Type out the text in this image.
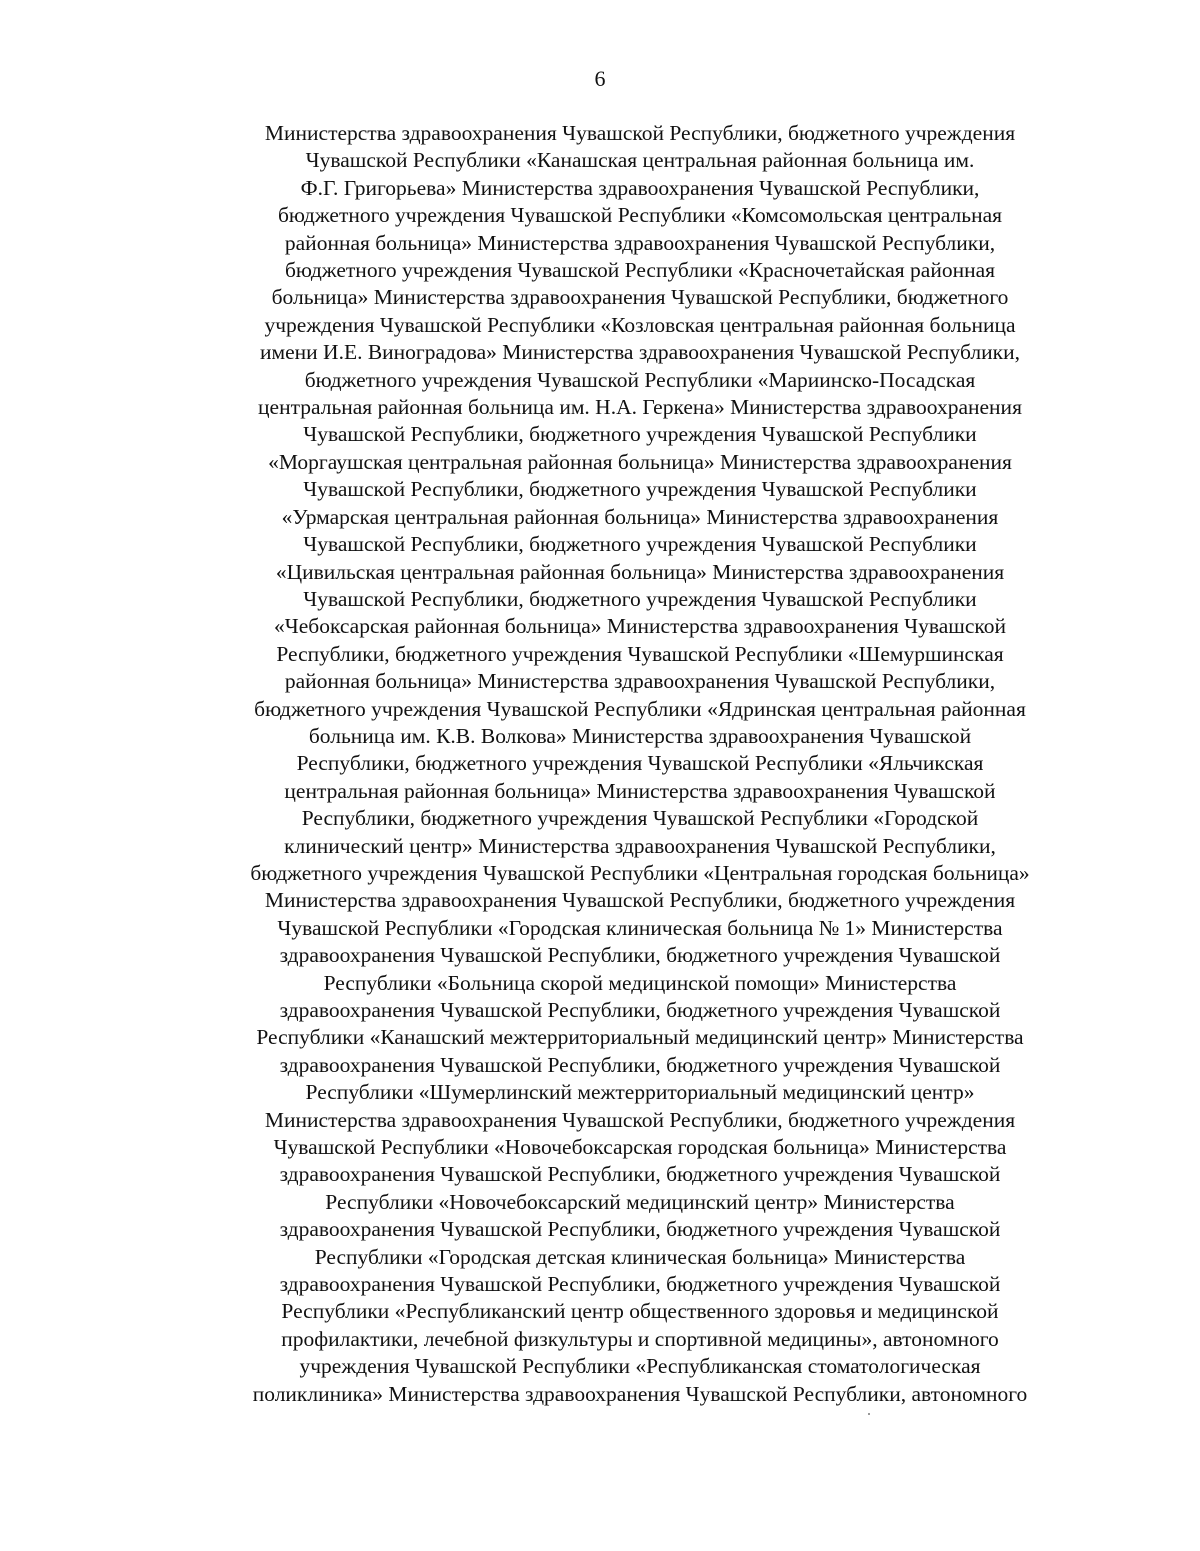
6
Министерства здравоохранения Чувашской Республики, бюджетного учреждения
Чувашской Республики «Канашская центральная районная больница им.
Ф.Г. Григорьева» Министерства здравоохранения Чувашской Республики,
бюджетного учреждения Чувашской Республики «Комсомольская центральная
районная больница» Министерства здравоохранения Чувашской Республики,
бюджетного учреждения Чувашской Республики «Красночетайская районная
больница» Министерства здравоохранения Чувашской Республики, бюджетного
учреждения Чувашской Республики «Козловская центральная районная больница
имени И.Е. Виноградова» Министерства здравоохранения Чувашской Республики,
бюджетного учреждения Чувашской Республики «Мариинско-Посадская
центральная районная больница им. Н.А. Геркена» Министерства здравоохранения
Чувашской Республики, бюджетного учреждения Чувашской Республики
«Моргаушская центральная районная больница» Министерства здравоохранения
Чувашской Республики, бюджетного учреждения Чувашской Республики
«Урмарская центральная районная больница» Министерства здравоохранения
Чувашской Республики, бюджетного учреждения Чувашской Республики
«Цивильская центральная районная больница» Министерства здравоохранения
Чувашской Республики, бюджетного учреждения Чувашской Республики
«Чебоксарская районная больница» Министерства здравоохранения Чувашской
Республики, бюджетного учреждения Чувашской Республики «Шемуршинская
районная больница» Министерства здравоохранения Чувашской Республики,
бюджетного учреждения Чувашской Республики «Ядринская центральная районная
больница им. К.В. Волкова» Министерства здравоохранения Чувашской
Республики, бюджетного учреждения Чувашской Республики «Яльчикская
центральная районная больница» Министерства здравоохранения Чувашской
Республики, бюджетного учреждения Чувашской Республики «Городской
клинический центр» Министерства здравоохранения Чувашской Республики,
бюджетного учреждения Чувашской Республики «Центральная городская больница»
Министерства здравоохранения Чувашской Республики, бюджетного учреждения
Чувашской Республики «Городская клиническая больница № 1» Министерства
здравоохранения Чувашской Республики, бюджетного учреждения Чувашской
Республики «Больница скорой медицинской помощи» Министерства
здравоохранения Чувашской Республики, бюджетного учреждения Чувашской
Республики «Канашский межтерриториальный медицинский центр» Министерства
здравоохранения Чувашской Республики, бюджетного учреждения Чувашской
Республики «Шумерлинский межтерриториальный медицинский центр»
Министерства здравоохранения Чувашской Республики, бюджетного учреждения
Чувашской Республики «Новочебоксарская городская больница» Министерства
здравоохранения Чувашской Республики, бюджетного учреждения Чувашской
Республики «Новочебоксарский медицинский центр» Министерства
здравоохранения Чувашской Республики, бюджетного учреждения Чувашской
Республики «Городская детская клиническая больница» Министерства
здравоохранения Чувашской Республики, бюджетного учреждения Чувашской
Республики «Республиканский центр общественного здоровья и медицинской
профилактики, лечебной физкультуры и спортивной медицины», автономного
учреждения Чувашской Республики «Республиканская стоматологическая
поликлиника» Министерства здравоохранения Чувашской Республики, автономного
